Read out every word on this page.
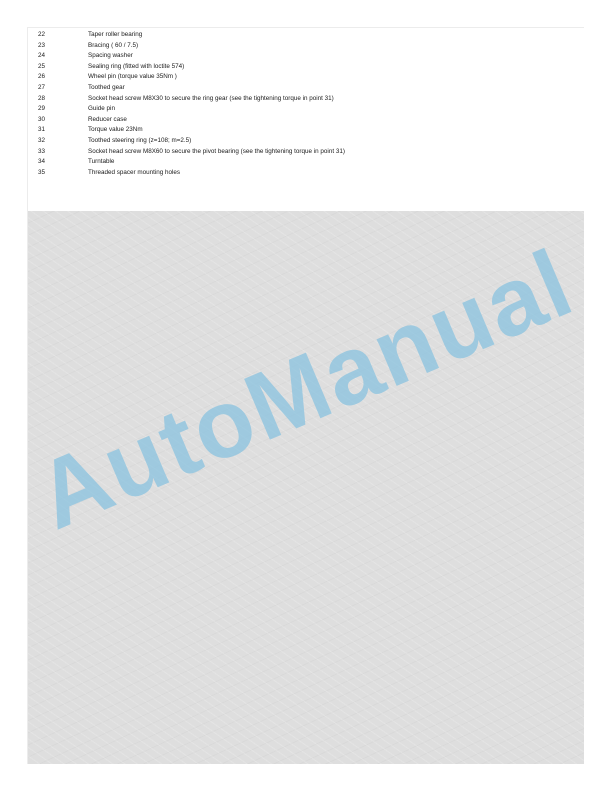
22	Taper roller bearing
23	Bracing ( 60 / 7.5)
24	Spacing washer
25	Sealing ring (fitted with loctite 574)
26	Wheel pin (torque value 35Nm )
27	Toothed gear
28	Socket head screw M8X30 to secure the ring gear (see the tightening torque in point 31)
29	Guide pin
30	Reducer case
31	Torque value 23Nm
32	Toothed steering ring (z=108; m=2.5)
33	Socket head screw M8X60 to secure the pivot bearing (see the tightening torque in point 31)
34	Turntable
35	Threaded spacer mounting holes
AutoManual
